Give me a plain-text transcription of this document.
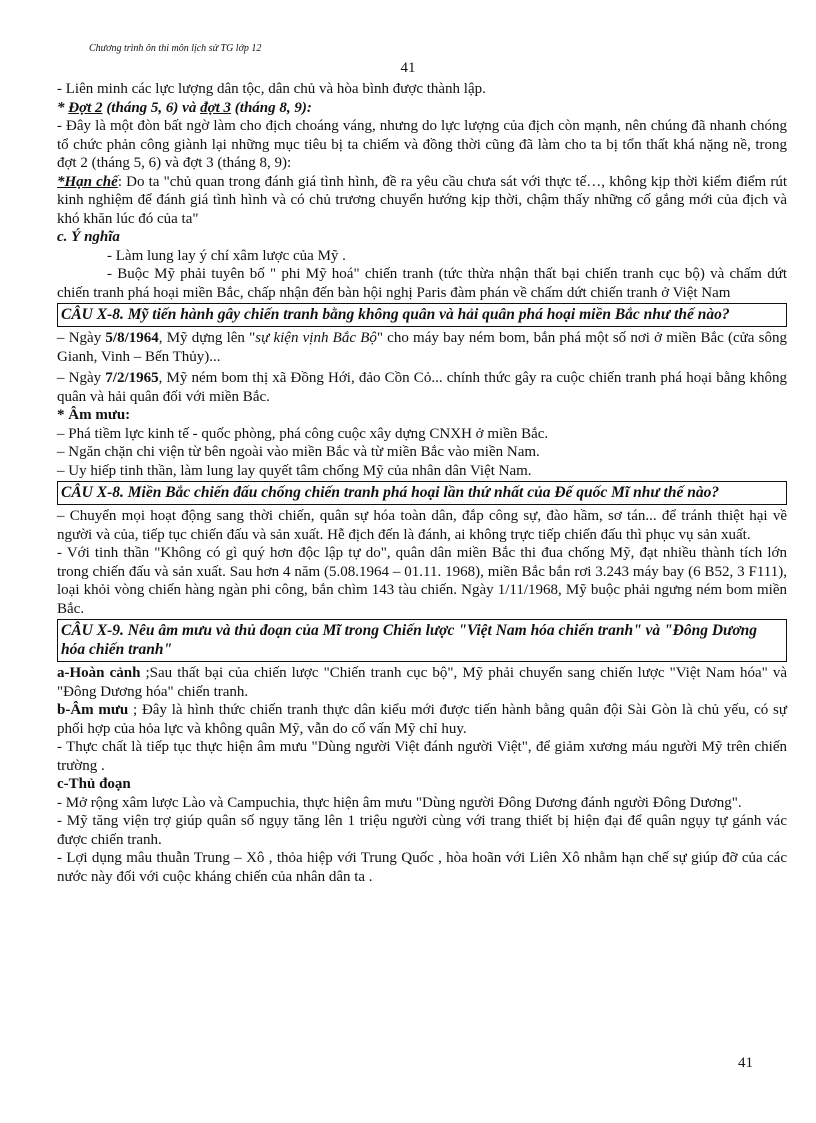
Chương trình ôn thi môn lịch sử TG lớp 12
41

- Liên minh các lực lượng dân tộc, dân chủ và hòa bình được thành lập.

* Đợt 2 (tháng 5, 6) và đợt 3 (tháng 8, 9):

- Đây là một đòn bất ngờ làm cho địch choáng váng, nhưng do lực lượng của địch còn mạnh, nên chúng đã nhanh chóng tổ chức phản công giành lại những mục tiêu bị ta chiếm và đồng thời cũng đã làm cho ta bị tổn thất khá nặng nề, trong đợt 2 (tháng 5, 6) và đợt 3 (tháng 8, 9):

*Hạn chế: Do ta "chủ quan trong đánh giá tình hình, đề ra yêu cầu chưa sát với thực tế…, không kịp thời kiểm điểm rút kinh nghiệm để đánh giá tình hình và có chủ trương chuyển hướng kịp thời, chậm thấy những cố gắng mới của địch và khó khăn lúc đó của ta"

c. Ý nghĩa

- Làm lung lay ý chí xâm lược của Mỹ .

- Buộc Mỹ phải tuyên bố " phi Mỹ hoá" chiến tranh (tức thừa nhận thất bại chiến tranh cục bộ) và chấm dứt chiến tranh phá hoại miền Bắc, chấp nhận đến bàn hội nghị Paris đàm phán về chấm dứt chiến tranh ở Việt Nam

CÂU X-8. Mỹ tiến hành gây chiến tranh bằng không quân và hải quân phá hoại miền Bắc như thế nào?

– Ngày 5/8/1964, Mỹ dựng lên "sự kiện vịnh Bắc Bộ" cho máy bay ném bom, bắn phá một số nơi ở miền Bắc (cửa sông Gianh, Vinh – Bến Thủy)...

– Ngày 7/2/1965, Mỹ ném bom thị xã Đồng Hới, đảo Cồn Cỏ... chính thức gây ra cuộc chiến tranh phá hoại bằng không quân và hải quân đối với miền Bắc.

* Âm mưu:

– Phá tiềm lực kinh tế - quốc phòng, phá công cuộc xây dựng CNXH ở miền Bắc.

– Ngăn chặn chi viện từ bên ngoài vào miền Bắc và từ miền Bắc vào miền Nam.

– Uy hiếp tinh thần, làm lung lay quyết tâm chống Mỹ của nhân dân Việt Nam.

CÂU X-8. Miền Bắc chiến đấu chống chiến tranh phá hoại lần thứ nhất của Đế quốc Mĩ như thế nào?

– Chuyển mọi hoạt động sang thời chiến, quân sự hóa toàn dân, đắp công sự, đào hầm, sơ tán... để tránh thiệt hại về người và của, tiếp tục chiến đấu và sản xuất. Hễ địch đến là đánh, ai không trực tiếp chiến đấu thì phục vụ sản xuất.

- Với tinh thần "Không có gì quý hơn độc lập tự do", quân dân miền Bắc thi đua chống Mỹ, đạt nhiều thành tích lớn trong chiến đấu và sản xuất. Sau hơn 4 năm (5.08.1964 – 01.11. 1968), miền Bắc bắn rơi 3.243 máy bay (6 B52, 3 F111), loại khỏi vòng chiến hàng ngàn phi công, bắn chìm 143 tàu chiến. Ngày 1/11/1968, Mỹ buộc phải ngưng ném bom miền Bắc.

CÂU X-9. Nêu âm mưu và thủ đoạn của Mĩ trong Chiến lược "Việt Nam hóa chiến tranh" và "Đông Dương hóa chiến tranh"

a-Hoàn cảnh ;Sau thất bại của chiến lược "Chiến tranh cục bộ", Mỹ phải chuyển sang chiến lược "Việt Nam hóa" và "Đông Dương hóa" chiến tranh.

b-Âm mưu ; Đây là hình thức chiến tranh thực dân kiểu mới được tiến hành bằng quân đội Sài Gòn là chủ yếu, có sự phối hợp của hỏa lực và không quân Mỹ, vẫn do cố vấn Mỹ chỉ huy.

- Thực chất là tiếp tục thực hiện âm mưu "Dùng người Việt đánh người Việt", để giảm xương máu người Mỹ trên chiến trường .

c-Thủ đoạn

- Mở rộng xâm lược Lào và Campuchia, thực hiện âm mưu "Dùng người Đông Dương đánh người Đông Dương".

- Mỹ tăng viện trợ giúp quân số ngụy tăng lên 1 triệu người cùng với trang thiết bị hiện đại để quân ngụy tự gánh vác được chiến tranh.

- Lợi dụng mâu thuẫn Trung – Xô , thỏa hiệp với Trung Quốc , hòa hoãn với Liên Xô nhằm hạn chế sự giúp đỡ của các nước này đối với cuộc kháng chiến của nhân dân ta .

41
